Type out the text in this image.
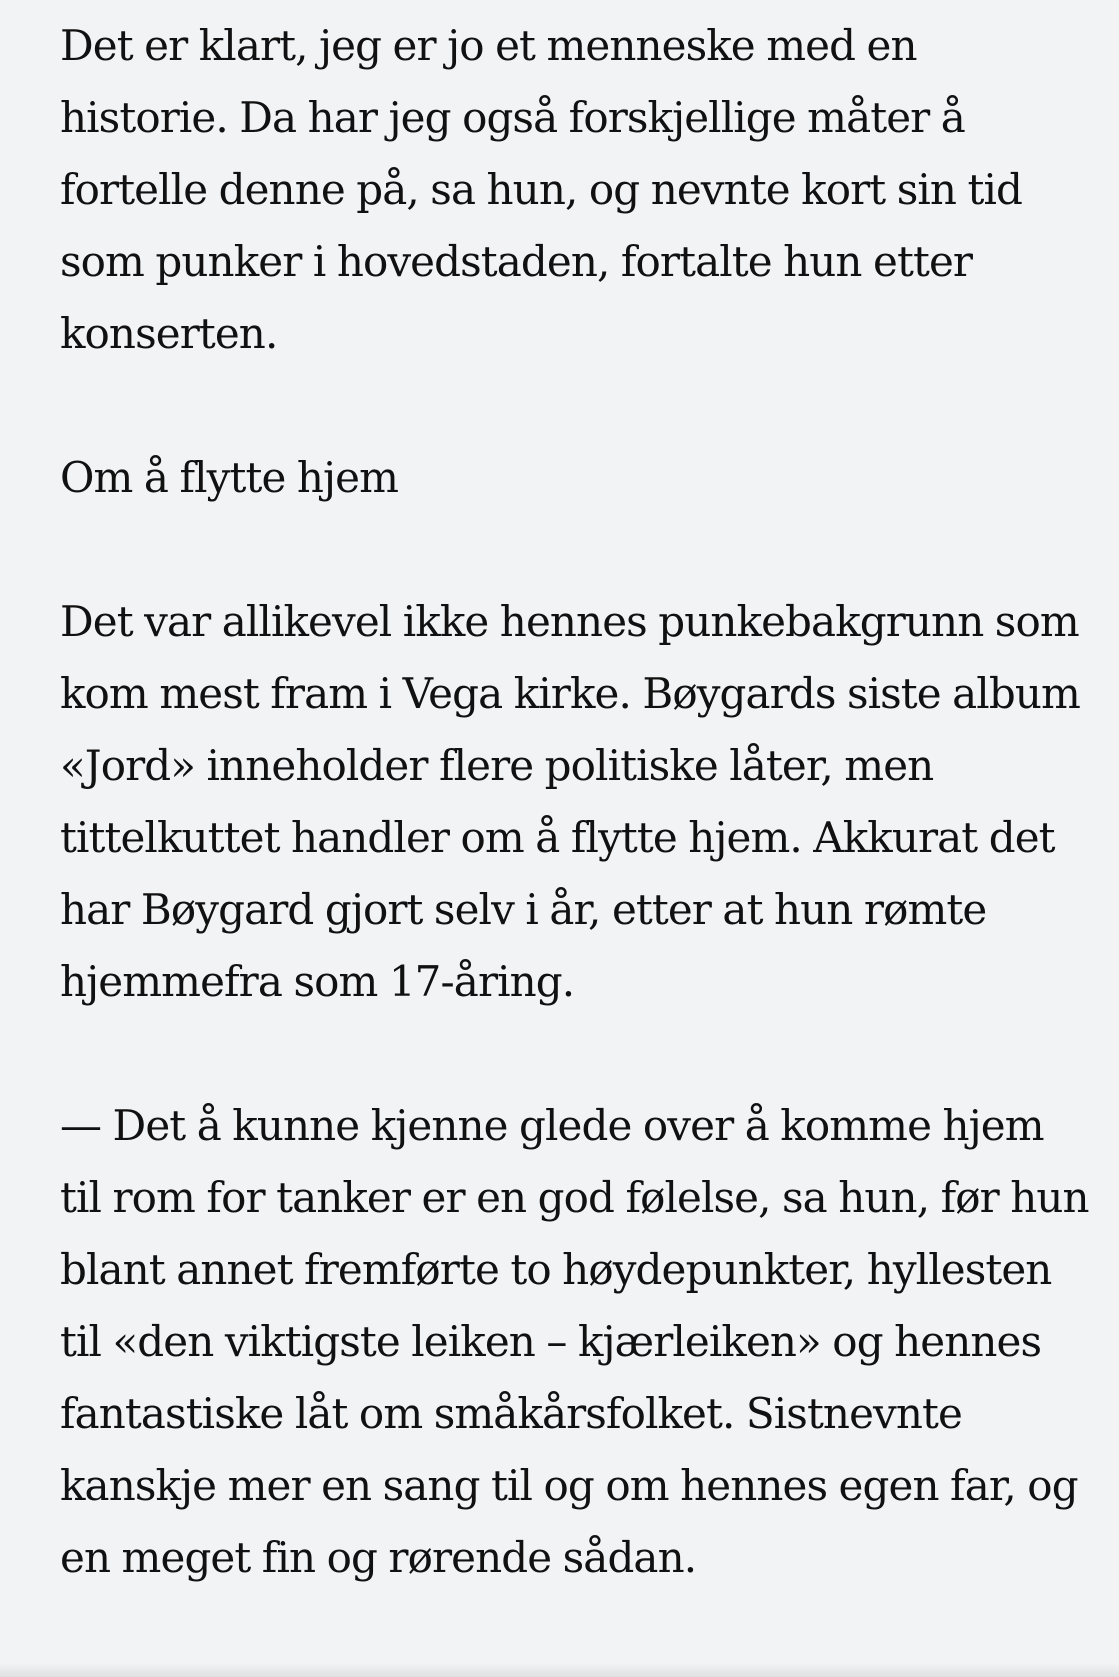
Det er klart, jeg er jo et menneske med en historie. Da har jeg også forskjellige måter å fortelle denne på, sa hun, og nevnte kort sin tid som punker i hovedstaden, fortalte hun etter konserten.

Om å flytte hjem

Det var allikevel ikke hennes punkebakgrunn som kom mest fram i Vega kirke. Bøygards siste album «Jord» inneholder flere politiske låter, men tittelkuttet handler om å flytte hjem. Akkurat det har Bøygard gjort selv i år, etter at hun rømte hjemmefra som 17-åring.

— Det å kunne kjenne glede over å komme hjem til rom for tanker er en god følelse, sa hun, før hun blant annet fremførte to høydepunkter, hyllesten til «den viktigste leiken – kjærleiken» og hennes fantastiske låt om småkårsfolket. Sistnevnte kanskje mer en sang til og om hennes egen far, og en meget fin og rørende sådan.
